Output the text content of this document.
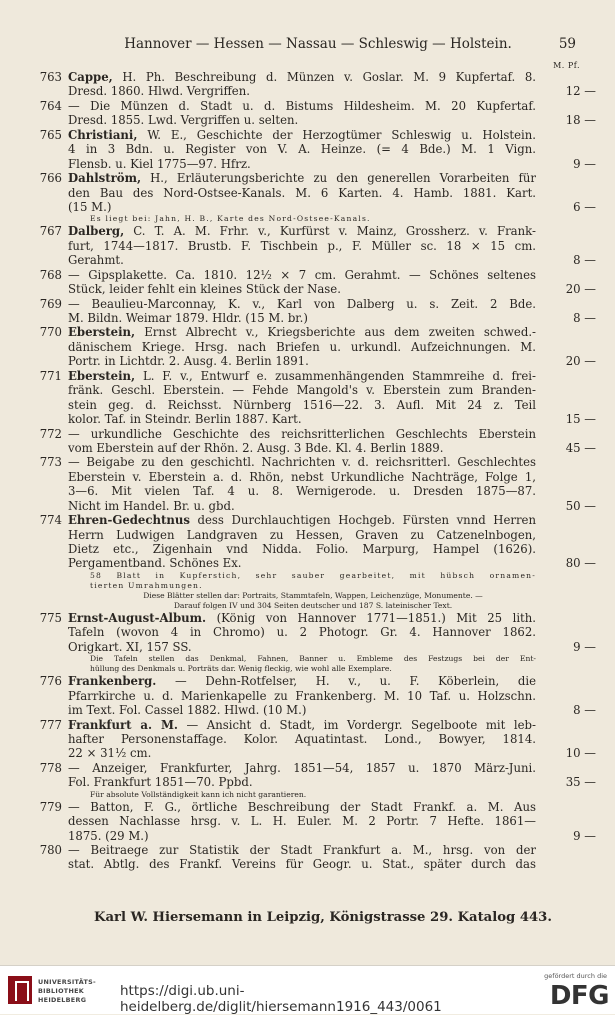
Hannover — Hessen — Nassau — Schleswig — Holstein.	59
M. Pf.
763 Cappe, H. Ph. Beschreibung d. Münzen v. Goslar. M. 9 Kupfertaf. 8.
Dresd. 1860. Hlwd. Vergriffen.	12 —
764 — Die Münzen d. Stadt u. d. Bistums Hildesheim. M. 20 Kupfertaf.
Dresd. 1855. Lwd. Vergriffen u. selten.	18 —
765 Christiani, W. E., Geschichte der Herzogtümer Schleswig u. Holstein.
4 in 3 Bdn. u. Register von V. A. Heinze. (= 4 Bde.) M. 1 Vign.
Flensb. u. Kiel 1775—97. Hfrz.	9 —
766 Dahlström, H., Erläuterungsberichte zu den generellen Vorarbeiten für
den Bau des Nord-Ostsee-Kanals. M. 6 Karten. 4. Hamb. 1881. Kart.
(15 M.)	6 —
Es liegt bei: Jahn, H. B., Karte des Nord-Ostsee-Kanals.
767 Dalberg, C. T. A. M. Frhr. v., Kurfürst v. Mainz, Grossherz. v. Frank-
furt, 1744—1817. Brustb. F. Tischbein p., F. Müller sc. 18 × 15 cm.
Gerahmt.	8 —
768 — Gipsplakette. Ca. 1810. 12½ × 7 cm. Gerahmt. — Schönes seltenes
Stück, leider fehlt ein kleines Stück der Nase.	20 —
769 — Beaulieu-Marconnay, K. v., Karl von Dalberg u. s. Zeit. 2 Bde.
M. Bildn. Weimar 1879. Hldr. (15 M. br.)	8 —
770 Eberstein, Ernst Albrecht v., Kriegsberichte aus dem zweiten schwed.-
dänischem Kriege. Hrsg. nach Briefen u. urkundl. Aufzeichnungen. M.
Portr. in Lichtdr. 2. Ausg. 4. Berlin 1891.	20 —
771 Eberstein, L. F. v., Entwurf e. zusammenhängenden Stammreihe d. frei-
fränk. Geschl. Eberstein. — Fehde Mangold's v. Eberstein zum Branden-
stein geg. d. Reichsst. Nürnberg 1516—22. 3. Aufl. Mit 24 z. Teil
kolor. Taf. in Steindr. Berlin 1887. Kart.	15 —
772 — urkundliche Geschichte des reichsritterlichen Geschlechts Eberstein
vom Eberstein auf der Rhön. 2. Ausg. 3 Bde. Kl. 4. Berlin 1889.	45 —
773 — Beigabe zu den geschichtl. Nachrichten v. d. reichsritterl. Geschlechtes
Eberstein v. Eberstein a. d. Rhön, nebst Urkundliche Nachträge, Folge 1,
3—6. Mit vielen Taf. 4 u. 8. Wernigerode. u. Dresden 1875—87.
Nicht im Handel. Br. u. gbd.	50 —
774 Ehren-Gedechtnus dess Durchlauchtigen Hochgeb. Fürsten vnnd Herren
Herrn Ludwigen Landgraven zu Hessen, Graven zu Catzenelnbogen,
Dietz etc., Zigenhain vnd Nidda. Folio. Marpurg, Hampel (1626).
Pergamentband. Schönes Ex.	80 —
58 Blatt in Kupferstich, sehr sauber gearbeitet, mit hübsch ornamen-
tierten Umrahmungen.
Diese Blätter stellen dar: Portraits, Stammtafeln, Wappen, Leichenzüge, Monumente. —
Darauf folgen IV und 304 Seiten deutscher und 187 S. lateinischer Text.
775 Ernst-August-Album. (König von Hannover 1771—1851.) Mit 25 lith.
Tafeln (wovon 4 in Chromo) u. 2 Photogr. Gr. 4. Hannover 1862.
Origkart. XI, 157 SS.	9 —
Die Tafeln stellen das Denkmal, Fahnen, Banner u. Embleme des Festzugs bei der Ent-
hüllung des Denkmals u. Porträts dar. Wenig fleckig, wie wohl alle Exemplare.
776 Frankenberg. — Dehn-Rotfelser, H. v., u. F. Köberlein, die
Pfarrkirche u. d. Marienkapelle zu Frankenberg. M. 10 Taf. u. Holzschn.
im Text. Fol. Cassel 1882. Hlwd. (10 M.)	8 —
777 Frankfurt a. M. — Ansicht d. Stadt, im Vordergr. Segelboote mit leb-
hafter Personenstaffage. Kolor. Aquatintast. Lond., Bowyer, 1814.
22 × 31½ cm.	10 —
778 — Anzeiger, Frankfurter, Jahrg. 1851—54, 1857 u. 1870 März-Juni.
Fol. Frankfurt 1851—70. Ppbd.	35 —
Für absolute Vollständigkeit kann ich nicht garantieren.
779 — Batton, F. G., örtliche Beschreibung der Stadt Frankf. a. M. Aus
dessen Nachlasse hrsg. v. L. H. Euler. M. 2 Portr. 7 Hefte. 1861—
1875. (29 M.)	9 —
780 — Beitraege zur Statistik der Stadt Frankfurt a. M., hrsg. von der
stat. Abtlg. des Frankf. Vereins für Geogr. u. Stat., später durch das
Karl W. Hiersemann in Leipzig, Königstrasse 29. Katalog 443.
UNIVERSITÄTS-
BIBLIOTHEK
HEIDELBERG
https://digi.ub.uni-heidelberg.de/diglit/hiersemann1916_443/0061
gefördert durch die
DFG
